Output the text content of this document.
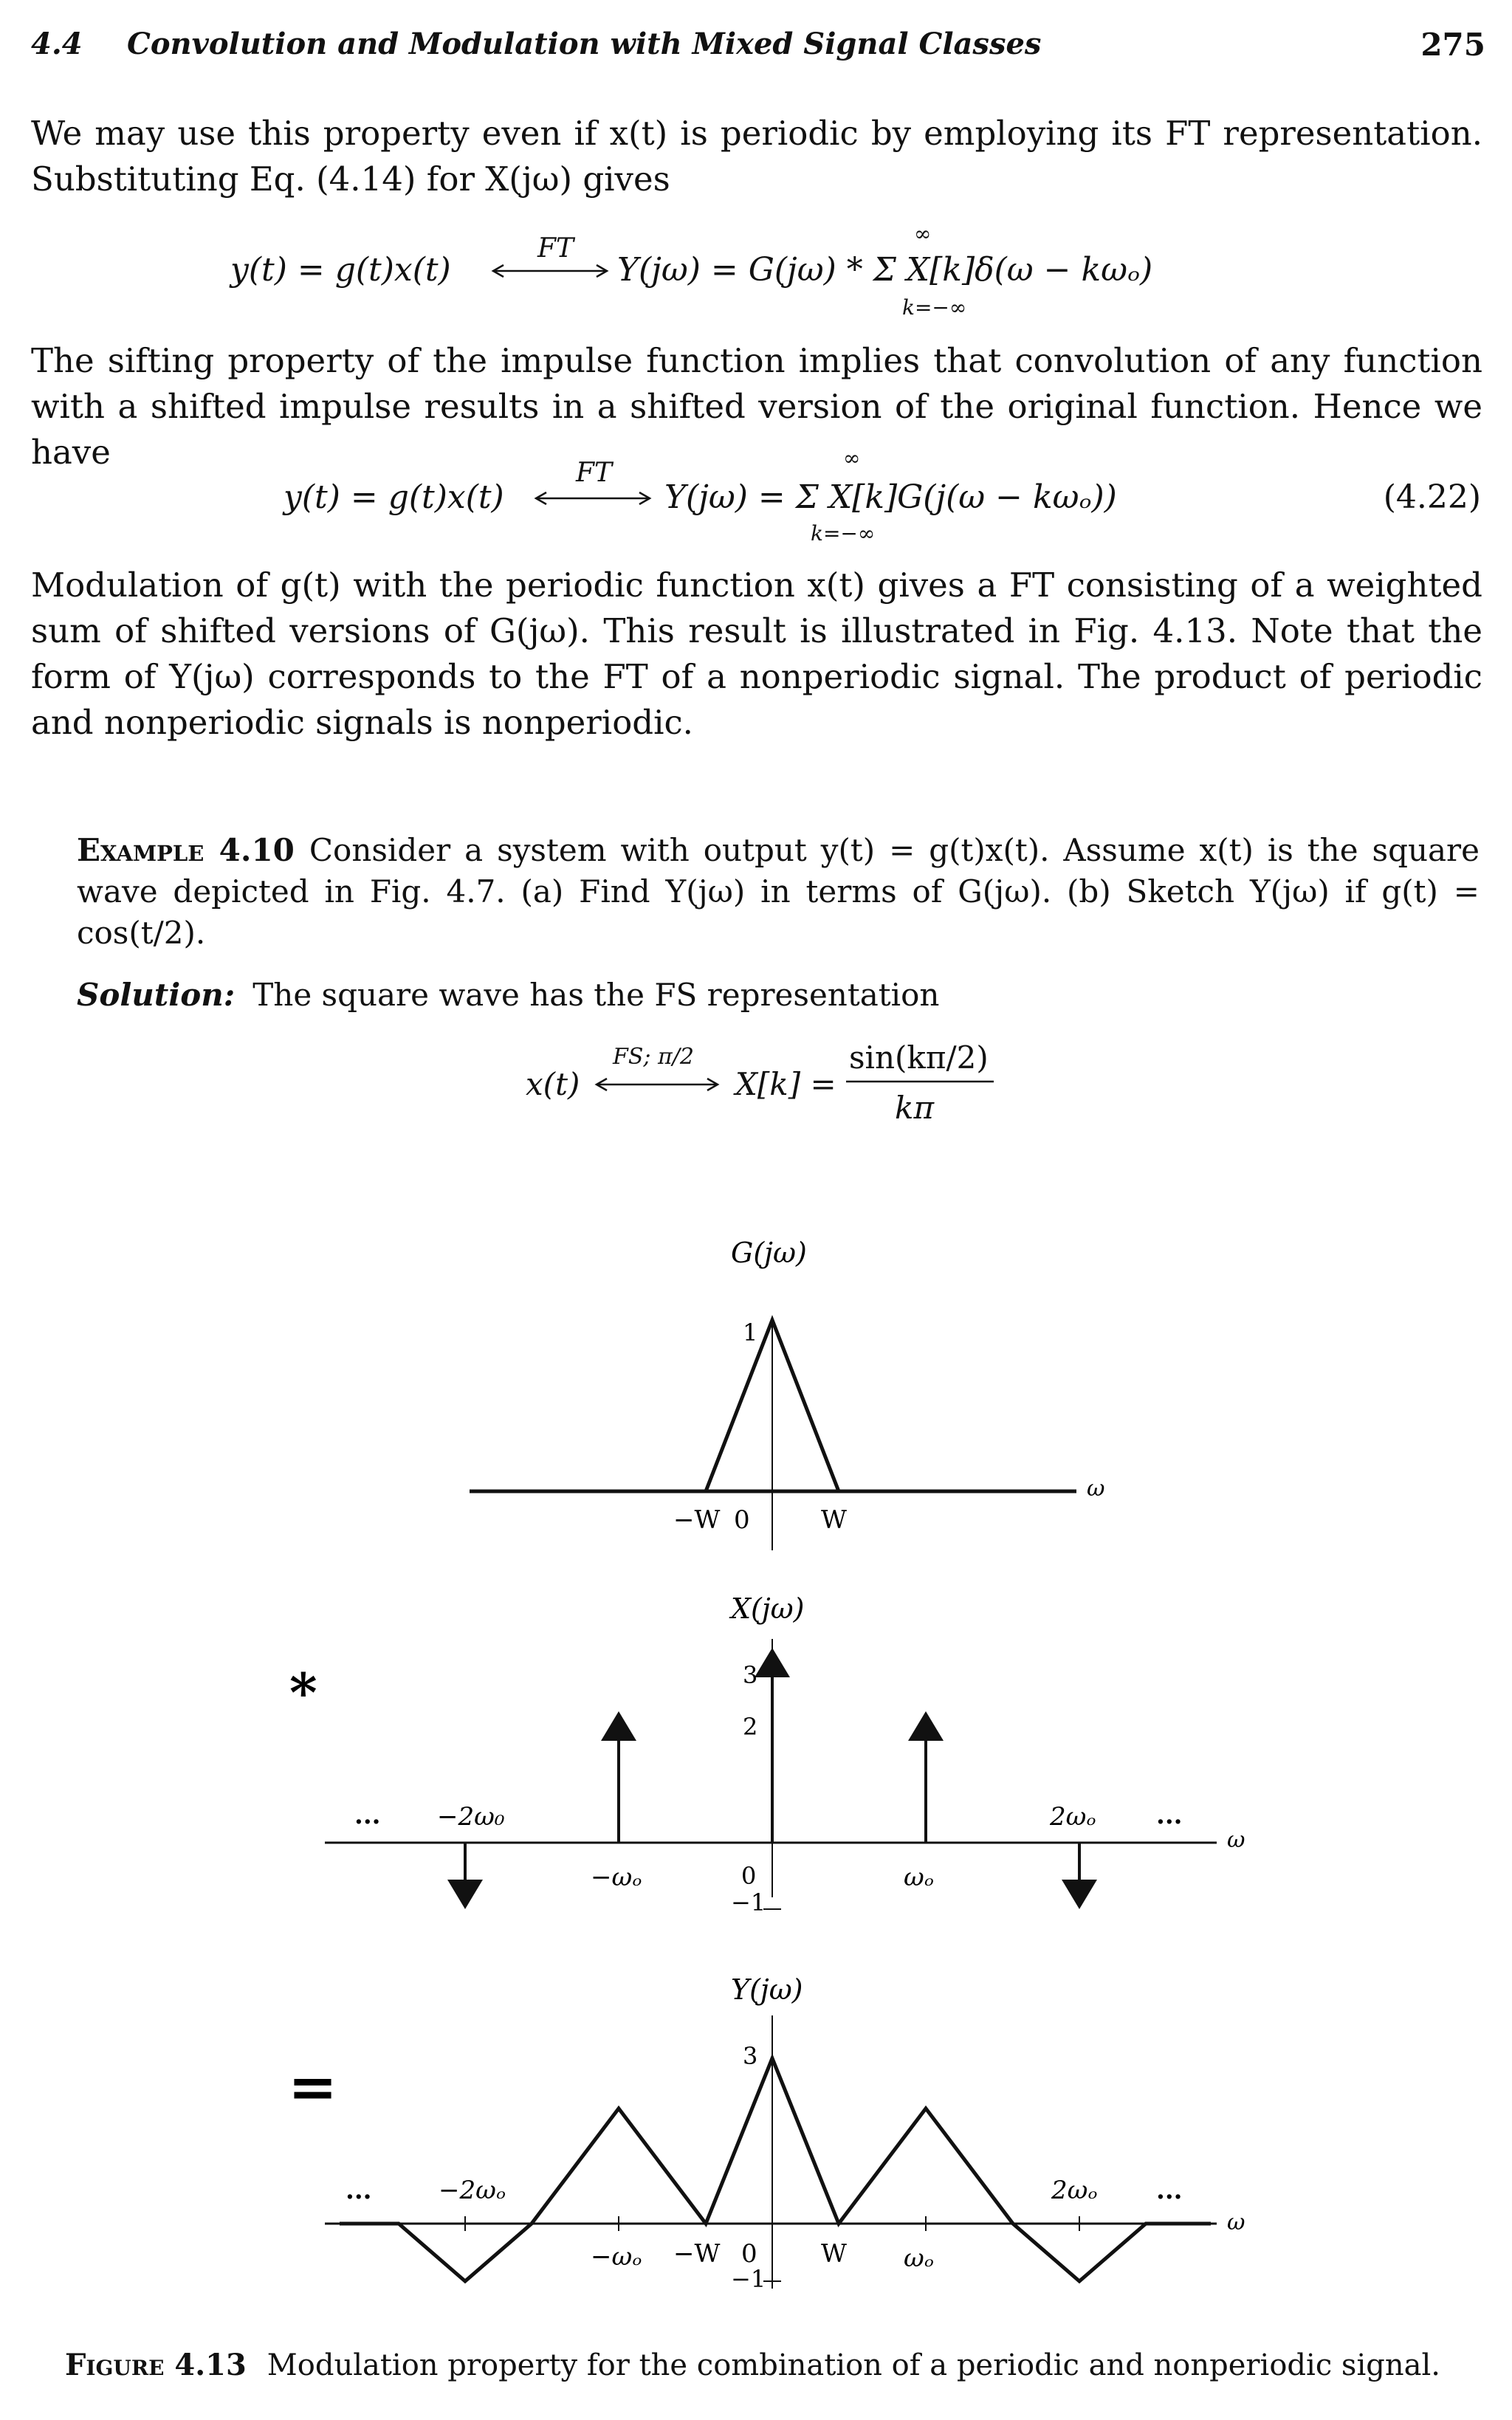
4.4 Convolution and Modulation with Mixed Signal Classes	275
We may use this property even if x(t) is periodic by employing its FT representation. Substituting Eq. (4.14) for X(jω) gives
y(t) = g(t)x(t)
FT
Y(jω) = G(jω) * Σ X[k]δ(ω − kωₒ)
∞
k=−∞
The sifting property of the impulse function implies that convolution of any function with a shifted impulse results in a shifted version of the original function. Hence we have
y(t) = g(t)x(t)
FT
Y(jω) = Σ X[k]G(j(ω − kωₒ))
∞
k=−∞
(4.22)
Modulation of g(t) with the periodic function x(t) gives a FT consisting of a weighted sum of shifted versions of G(jω). This result is illustrated in Fig. 4.13. Note that the form of Y(jω) corresponds to the FT of a nonperiodic signal. The product of periodic and nonperiodic signals is nonperiodic.
Example 4.10 Consider a system with output y(t) = g(t)x(t). Assume x(t) is the square wave depicted in Fig. 4.7. (a) Find Y(jω) in terms of G(jω). (b) Sketch Y(jω) if g(t) = cos(t/2).
Solution: The square wave has the FS representation
x(t)
FS; π/2
X[k] =
sin(kπ/2)
kπ
G(jω)
1
−W 0	W
ω
*
X(jω)
3
2
−2ω₀	2ωₒ
−ωₒ	0	ωₒ
−1
...	...
ω
=
Y(jω)
3
−2ωₒ	2ωₒ
−ωₒ −W 0	W ωₒ
−1
...	...
ω
Figure 4.13 Modulation property for the combination of a periodic and nonperiodic signal.
